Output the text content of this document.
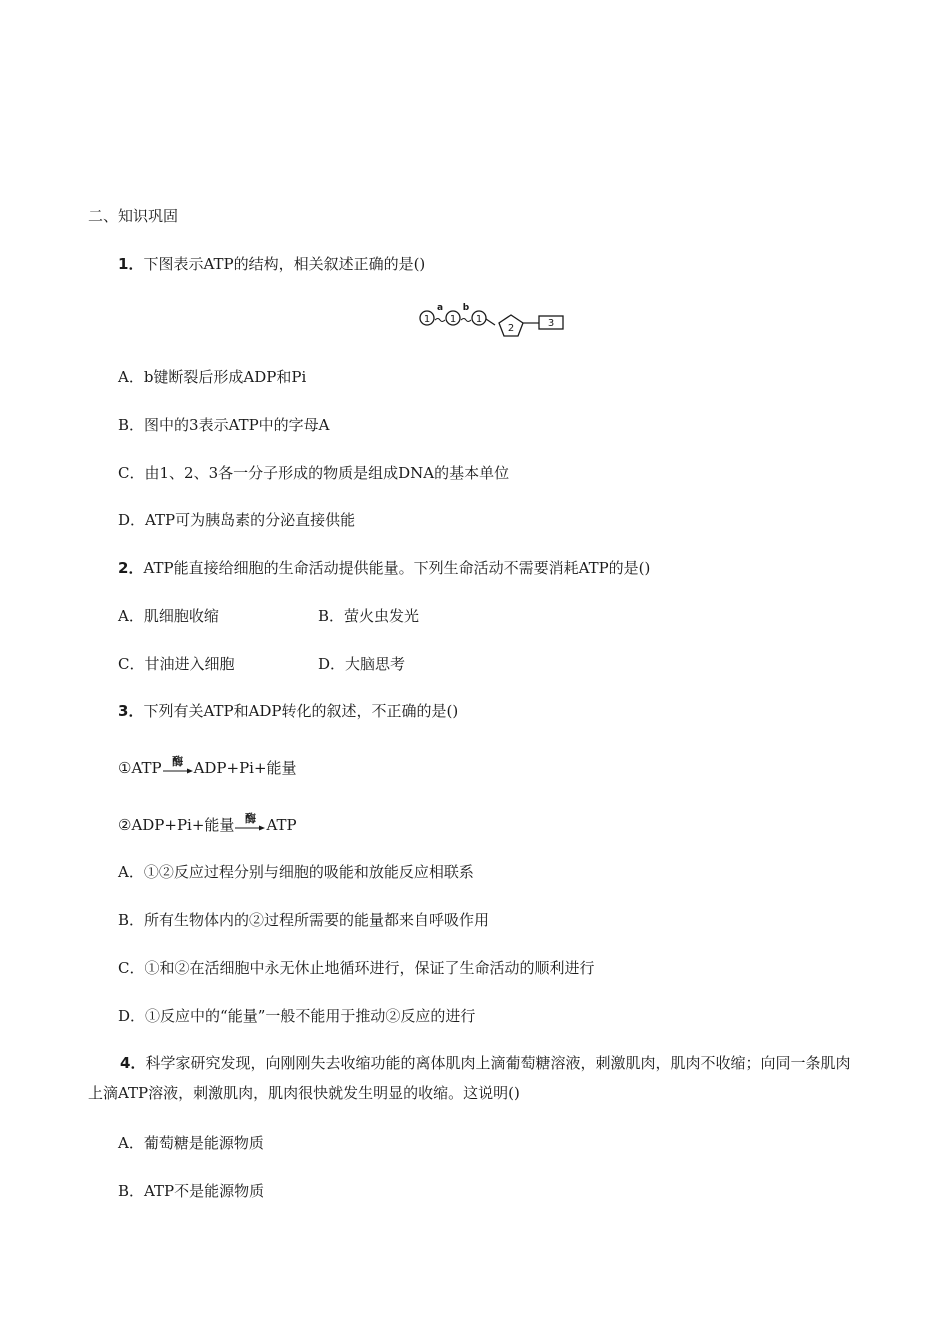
二、知识巩固
1．下图表示ATP的结构，相关叙述正确的是()
1
a
1
b
1
2	3
A．b键断裂后形成ADP和Pi
B．图中的3表示ATP中的字母A
C．由1、2、3各一分子形成的物质是组成DNA的基本单位
D．ATP可为胰岛素的分泌直接供能
2．ATP能直接给细胞的生命活动提供能量。下列生命活动不需要消耗ATP的是()
A．肌细胞收缩	B．萤火虫发光
C．甘油进入细胞	D．大脑思考
3．下列有关ATP和ADP转化的叙述，不正确的是()
①ATP 酶 ADP+Pi+能量
②ADP+Pi+能量 酶 ATP
A．①②反应过程分别与细胞的吸能和放能反应相联系
B．所有生物体内的②过程所需要的能量都来自呼吸作用
C．①和②在活细胞中永无休止地循环进行，保证了生命活动的顺利进行
D．①反应中的“能量”一般不能用于推动②反应的进行
4．科学家研究发现，向刚刚失去收缩功能的离体肌肉上滴葡萄糖溶液，刺激肌肉，肌肉不收缩；向同一条肌肉上滴ATP溶液，刺激肌肉，肌肉很快就发生明显的收缩。这说明()
A．葡萄糖是能源物质
B．ATP不是能源物质
